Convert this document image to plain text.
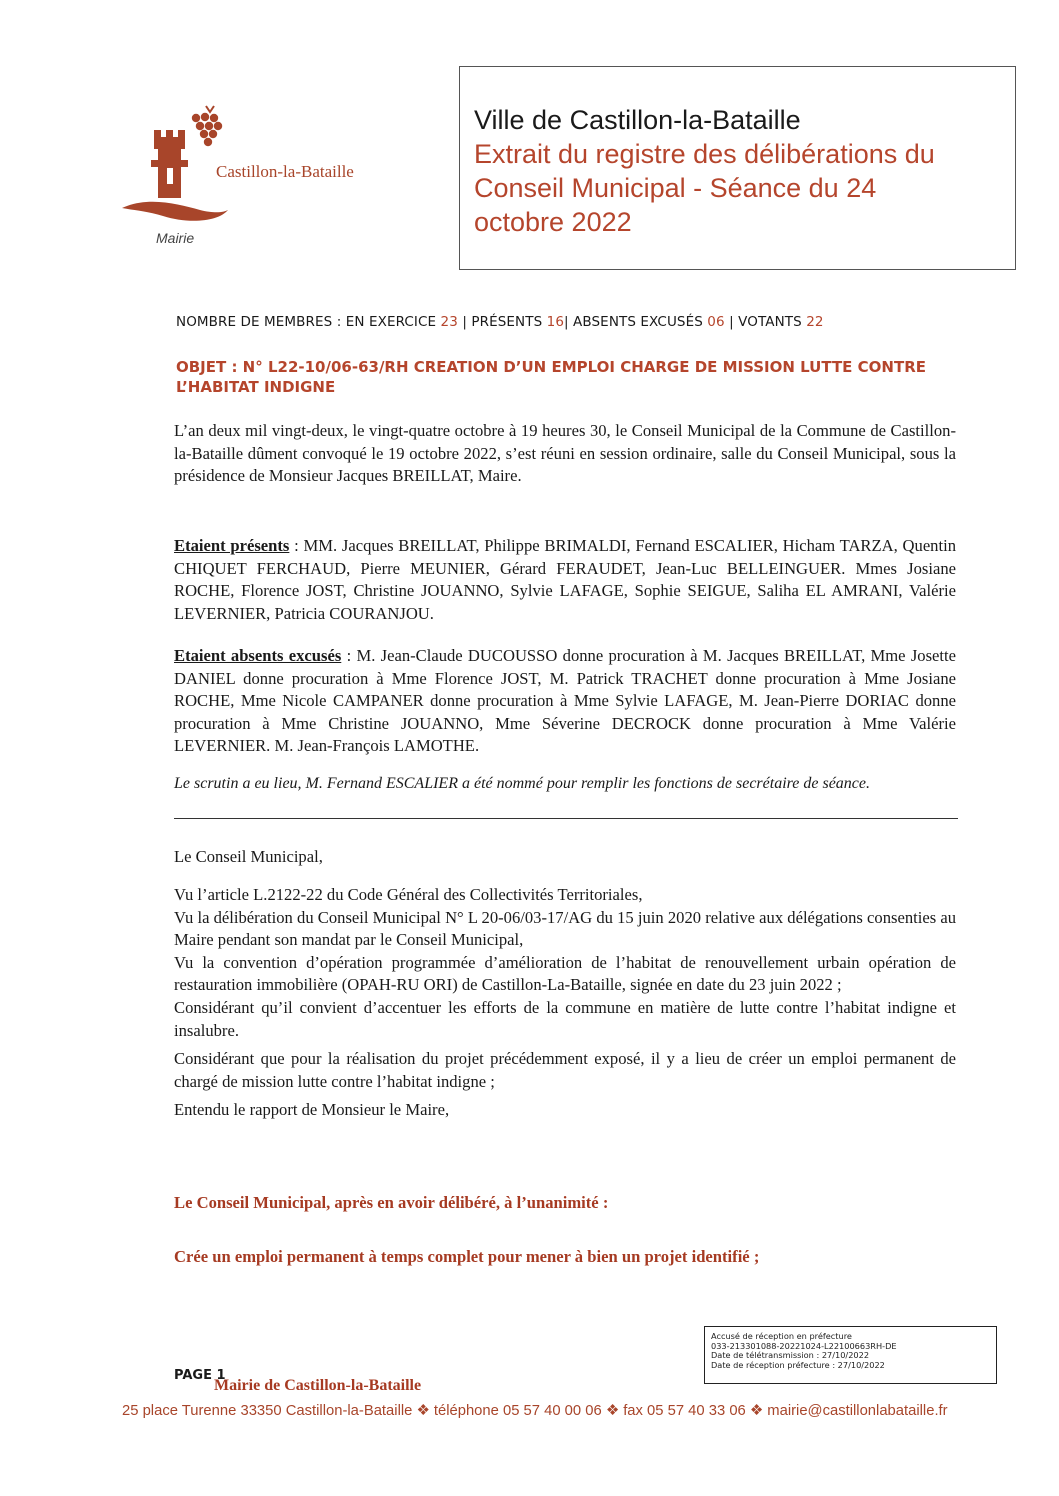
Castillon-la-Bataille
Mairie
Ville de Castillon-la-Bataille
Extrait du registre des délibérations du
Conseil Municipal - Séance du 24
octobre 2022
NOMBRE DE MEMBRES : EN EXERCICE 23 | PRÉSENTS 16| ABSENTS EXCUSÉS 06 | VOTANTS 22
OBJET : N° L22-10/06-63/RH CREATION D’UN EMPLOI CHARGE DE MISSION LUTTE CONTRE
L’HABITAT INDIGNE
L’an deux mil vingt-deux, le vingt-quatre octobre à 19 heures 30, le Conseil Municipal de la Commune de Castillon-la-Bataille dûment convoqué le 19 octobre 2022, s’est réuni en session ordinaire, salle du Conseil Municipal, sous la présidence de Monsieur Jacques BREILLAT, Maire.
Etaient présents : MM. Jacques BREILLAT, Philippe BRIMALDI, Fernand ESCALIER, Hicham TARZA, Quentin CHIQUET FERCHAUD, Pierre MEUNIER, Gérard FERAUDET, Jean-Luc BELLEINGUER. Mmes Josiane ROCHE, Florence JOST, Christine JOUANNO, Sylvie LAFAGE, Sophie SEIGUE, Saliha EL AMRANI, Valérie LEVERNIER, Patricia COURANJOU.
Etaient absents excusés : M. Jean-Claude DUCOUSSO donne procuration à M. Jacques BREILLAT, Mme Josette DANIEL donne procuration à Mme Florence JOST, M. Patrick TRACHET donne procuration à Mme Josiane ROCHE, Mme Nicole CAMPANER donne procuration à Mme Sylvie LAFAGE, M. Jean-Pierre DORIAC donne procuration à Mme Christine JOUANNO, Mme Séverine DECROCK donne procuration à Mme Valérie LEVERNIER. M. Jean-François LAMOTHE.
Le scrutin a eu lieu, M. Fernand ESCALIER a été nommé pour remplir les fonctions de secrétaire de séance.
Le Conseil Municipal,

Vu l’article L.2122-22 du Code Général des Collectivités Territoriales,

Vu la délibération du Conseil Municipal N° L 20-06/03-17/AG du 15 juin 2020 relative aux délégations consenties au Maire pendant son mandat par le Conseil Municipal,

Vu la convention d’opération programmée d’amélioration de l’habitat de renouvellement urbain opération de restauration immobilière (OPAH-RU ORI) de Castillon-La-Bataille, signée en date du 23 juin 2022 ;

Considérant qu’il convient d’accentuer les efforts de la commune en matière de lutte contre l’habitat indigne et insalubre.

Considérant que pour la réalisation du projet précédemment exposé, il y a lieu de créer un emploi permanent de chargé de mission lutte contre l’habitat indigne ;

Entendu le rapport de Monsieur le Maire,

Le Conseil Municipal, après en avoir délibéré, à l’unanimité :
Crée un emploi permanent à temps complet pour mener à bien un projet identifié ;
Accusé de réception en préfecture
033-213301088-20221024-L22100663RH-DE
Date de télétransmission : 27/10/2022
Date de réception préfecture : 27/10/2022
PAGE 1
Mairie de Castillon-la-Bataille
25 place Turenne 33350 Castillon-la-Bataille ❖ téléphone 05 57 40 00 06 ❖ fax 05 57 40 33 06 ❖ mairie@castillonlabataille.fr
